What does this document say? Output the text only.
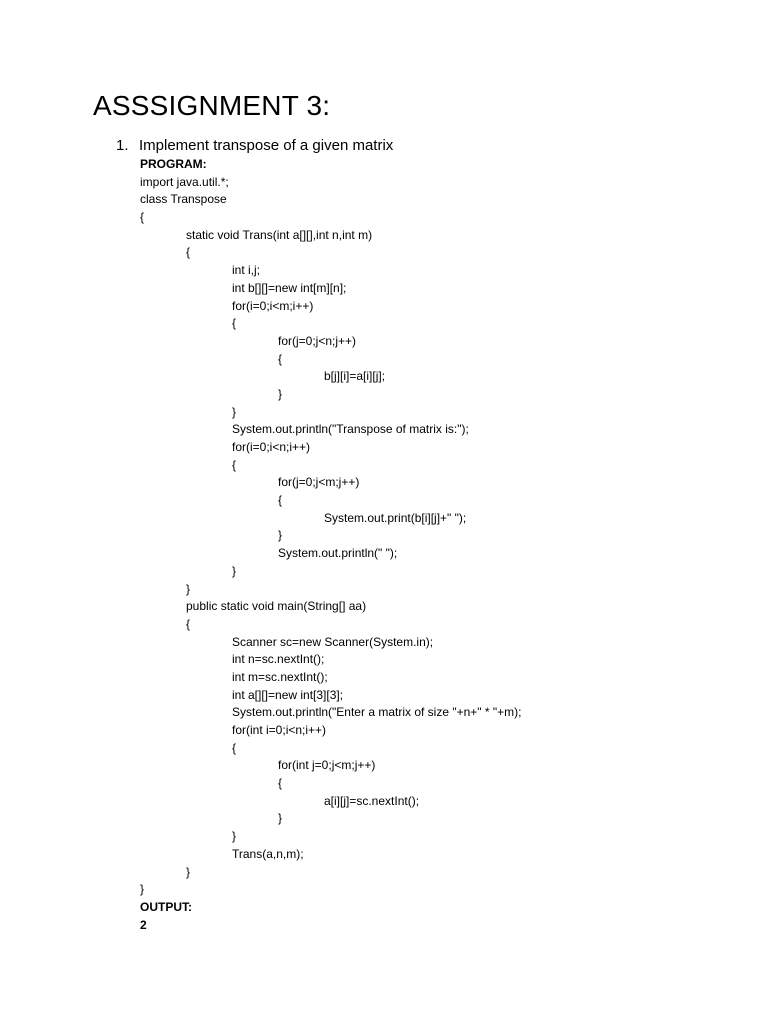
ASSSIGNMENT 3:
1. Implement transpose of a given matrix
PROGRAM:
import java.util.*;
class Transpose
{
static void Trans(int a[][],int n,int m)
{
int i,j;
int b[][]=new int[m][n];
for(i=0;i<m;i++)
{
for(j=0;j<n;j++)
{
b[j][i]=a[i][j];
}
}
System.out.println("Transpose of matrix is:");
for(i=0;i<n;i++)
{
for(j=0;j<m;j++)
{
System.out.print(b[i][j]+" ");
}
System.out.println(" ");
}
}
public static void main(String[] aa)
{
Scanner sc=new Scanner(System.in);
int n=sc.nextInt();
int m=sc.nextInt();
int a[][]=new int[3][3];
System.out.println("Enter a matrix of size "+n+" * "+m);
for(int i=0;i<n;i++)
{
for(int j=0;j<m;j++)
{
a[i][j]=sc.nextInt();
}
}
Trans(a,n,m);
}
}
OUTPUT:
2
